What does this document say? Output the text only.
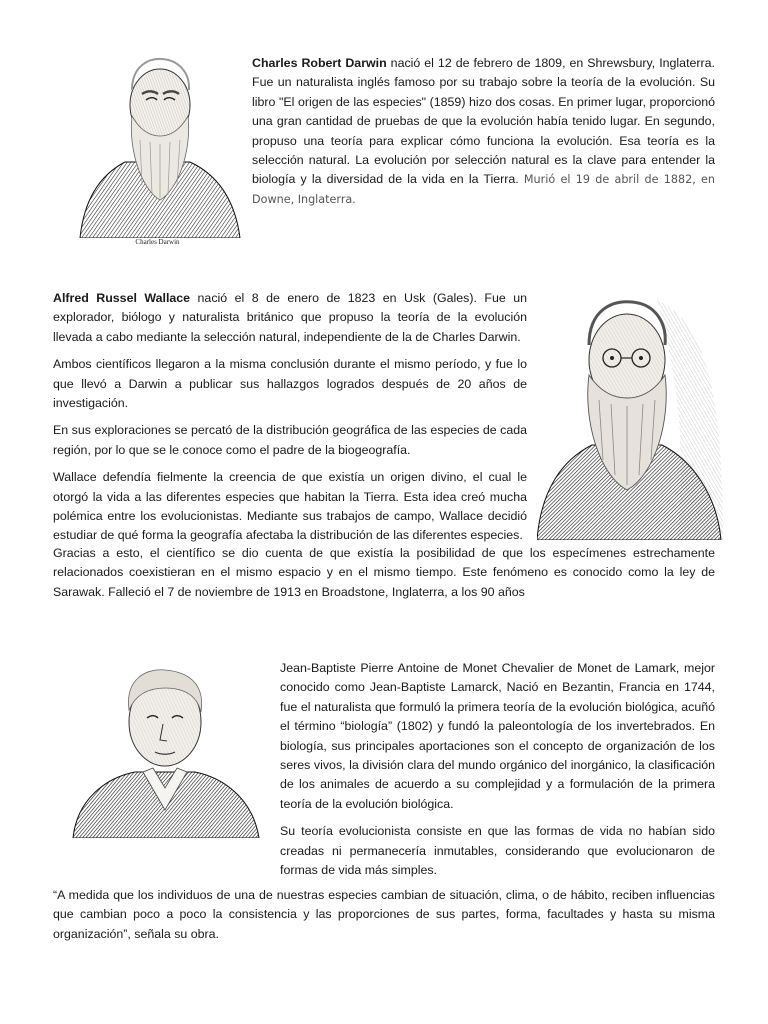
Charles Darwin

Charles Robert Darwin nació el 12 de febrero de 1809, en Shrewsbury, Inglaterra. Fue un naturalista inglés famoso por su trabajo sobre la teoría de la evolución. Su libro "El origen de las especies" (1859) hizo dos cosas. En primer lugar, proporcionó una gran cantidad de pruebas de que la evolución había tenido lugar. En segundo, propuso una teoría para explicar cómo funciona la evolución. Esa teoría es la selección natural. La evolución por selección natural es la clave para entender la biología y la diversidad de la vida en la Tierra. Murió el 19 de abril de 1882, en Downe, Inglaterra.

Alfred Russel Wallace nació el 8 de enero de 1823 en Usk (Gales). Fue un explorador, biólogo y naturalista británico que propuso la teoría de la evolución llevada a cabo mediante la selección natural, independiente de la de Charles Darwin.

Ambos científicos llegaron a la misma conclusión durante el mismo período, y fue lo que llevó a Darwin a publicar sus hallazgos logrados después de 20 años de investigación.

En sus exploraciones se percató de la distribución geográfica de las especies de cada región, por lo que se le conoce como el padre de la biogeografía.

Wallace defendía fielmente la creencia de que existía un origen divino, el cual le otorgó la vida a las diferentes especies que habitan la Tierra. Esta idea creó mucha polémica entre los evolucionistas. Mediante sus trabajos de campo, Wallace decidió estudiar de qué forma la geografía afectaba la distribución de las diferentes especies.

Gracias a esto, el científico se dio cuenta de que existía la posibilidad de que los especímenes estrechamente relacionados coexistieran en el mismo espacio y en el mismo tiempo. Este fenómeno es conocido como la ley de Sarawak. Falleció el 7 de noviembre de 1913 en Broadstone, Inglaterra, a los 90 años

Jean-Baptiste Pierre Antoine de Monet Chevalier de Monet de Lamark, mejor conocido como Jean-Baptiste Lamarck, Nació en Bezantin, Francia en 1744, fue el naturalista que formuló la primera teoría de la evolución biológica, acuñó el término “biología” (1802) y fundó la paleontología de los invertebrados. En biología, sus principales aportaciones son el concepto de organización de los seres vivos, la división clara del mundo orgánico del inorgánico, la clasificación de los animales de acuerdo a su complejidad y a formulación de la primera teoría de la evolución biológica.

Su teoría evolucionista consiste en que las formas de vida no habían sido creadas ni permanecería inmutables, considerando que evolucionaron de formas de vida más simples.

“A medida que los individuos de una de nuestras especies cambian de situación, clima, o de hábito, reciben influencias que cambian poco a poco la consistencia y las proporciones de sus partes, forma, facultades y hasta su misma organización”, señala su obra.
